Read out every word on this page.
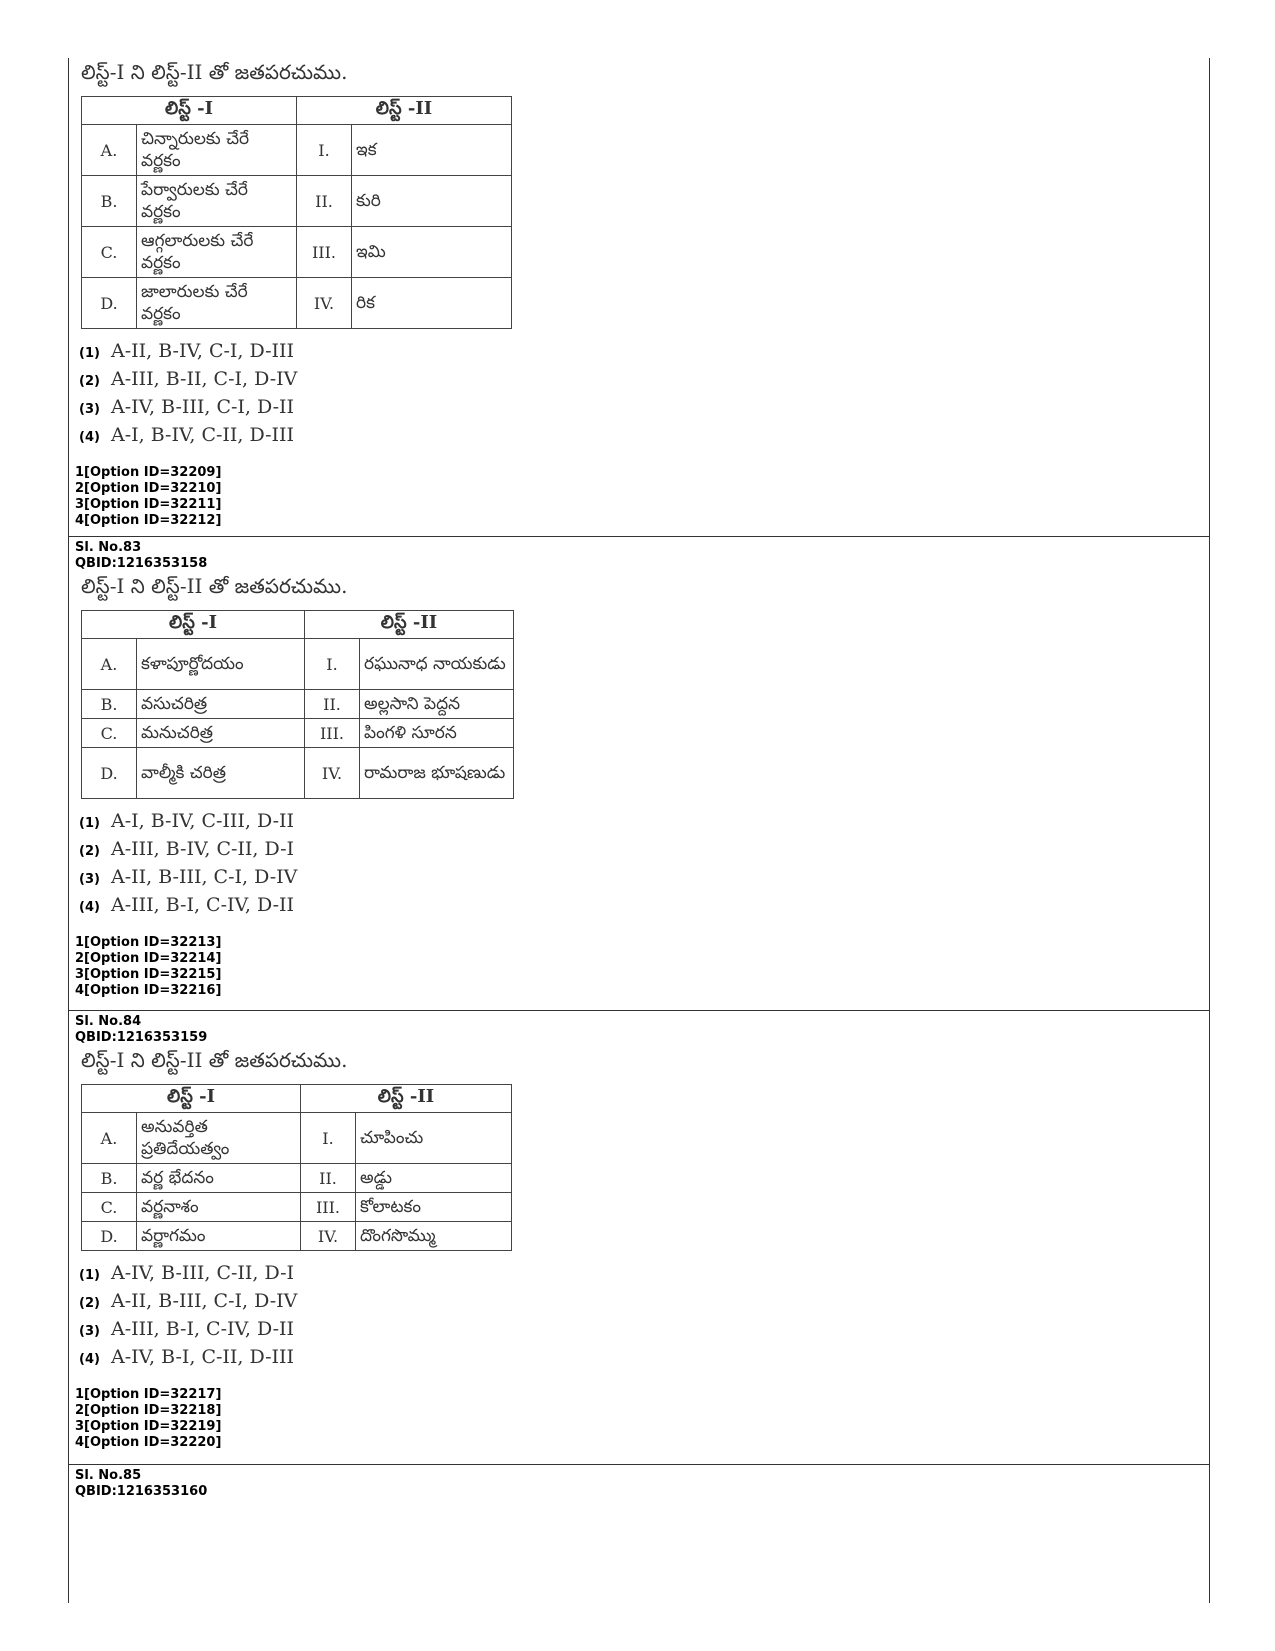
లిస్ట్-I ని లిస్ట్-II తో జతపరచుము.
లిస్ట్ -I		లిస్ట్ -II	
A.	చిన్నారులకు చేరే వర్ణకం	I.	ఇక
B.	పేర్వారులకు చేరే వర్ణకం	II.	కురి
C.	ఆగ్గలారులకు చేరే వర్ణకం	III.	ఇమి
D.	జాలారులకు చేరే వర్ణకం	IV.	రిక
(1) A-II, B-IV, C-I, D-III
(2) A-III, B-II, C-I, D-IV
(3) A-IV, B-III, C-I, D-II
(4) A-I, B-IV, C-II, D-III
1[Option ID=32209]
2[Option ID=32210]
3[Option ID=32211]
4[Option ID=32212]
Sl. No.83
QBID:1216353158
లిస్ట్-I ని లిస్ట్-II తో జతపరచుము.
లిస్ట్ -I		లిస్ట్ -II	
A.	కళాపూర్ణోదయం	I.	రఘునాధ నాయకుడు
B.	వసుచరిత్ర	II.	అల్లసాని పెద్దన
C.	మనుచరిత్ర	III.	పింగళి సూరన
D.	వాల్మీకి చరిత్ర	IV.	రామరాజ భూషణుడు
(1) A-I, B-IV, C-III, D-II
(2) A-III, B-IV, C-II, D-I
(3) A-II, B-III, C-I, D-IV
(4) A-III, B-I, C-IV, D-II
1[Option ID=32213]
2[Option ID=32214]
3[Option ID=32215]
4[Option ID=32216]
Sl. No.84
QBID:1216353159
లిస్ట్-I ని లిస్ట్-II తో జతపరచుము.
లిస్ట్ -I		లిస్ట్ -II	
A.	అనువర్తిత ప్రతిదేయత్వం	I.	చూపించు
B.	వర్ణ భేదనం	II.	అడ్డు
C.	వర్ణనాశం	III.	కోలాటకం
D.	వర్ణాగమం	IV.	దొంగసొమ్ము
(1) A-IV, B-III, C-II, D-I
(2) A-II, B-III, C-I, D-IV
(3) A-III, B-I, C-IV, D-II
(4) A-IV, B-I, C-II, D-III
1[Option ID=32217]
2[Option ID=32218]
3[Option ID=32219]
4[Option ID=32220]
Sl. No.85
QBID:1216353160
